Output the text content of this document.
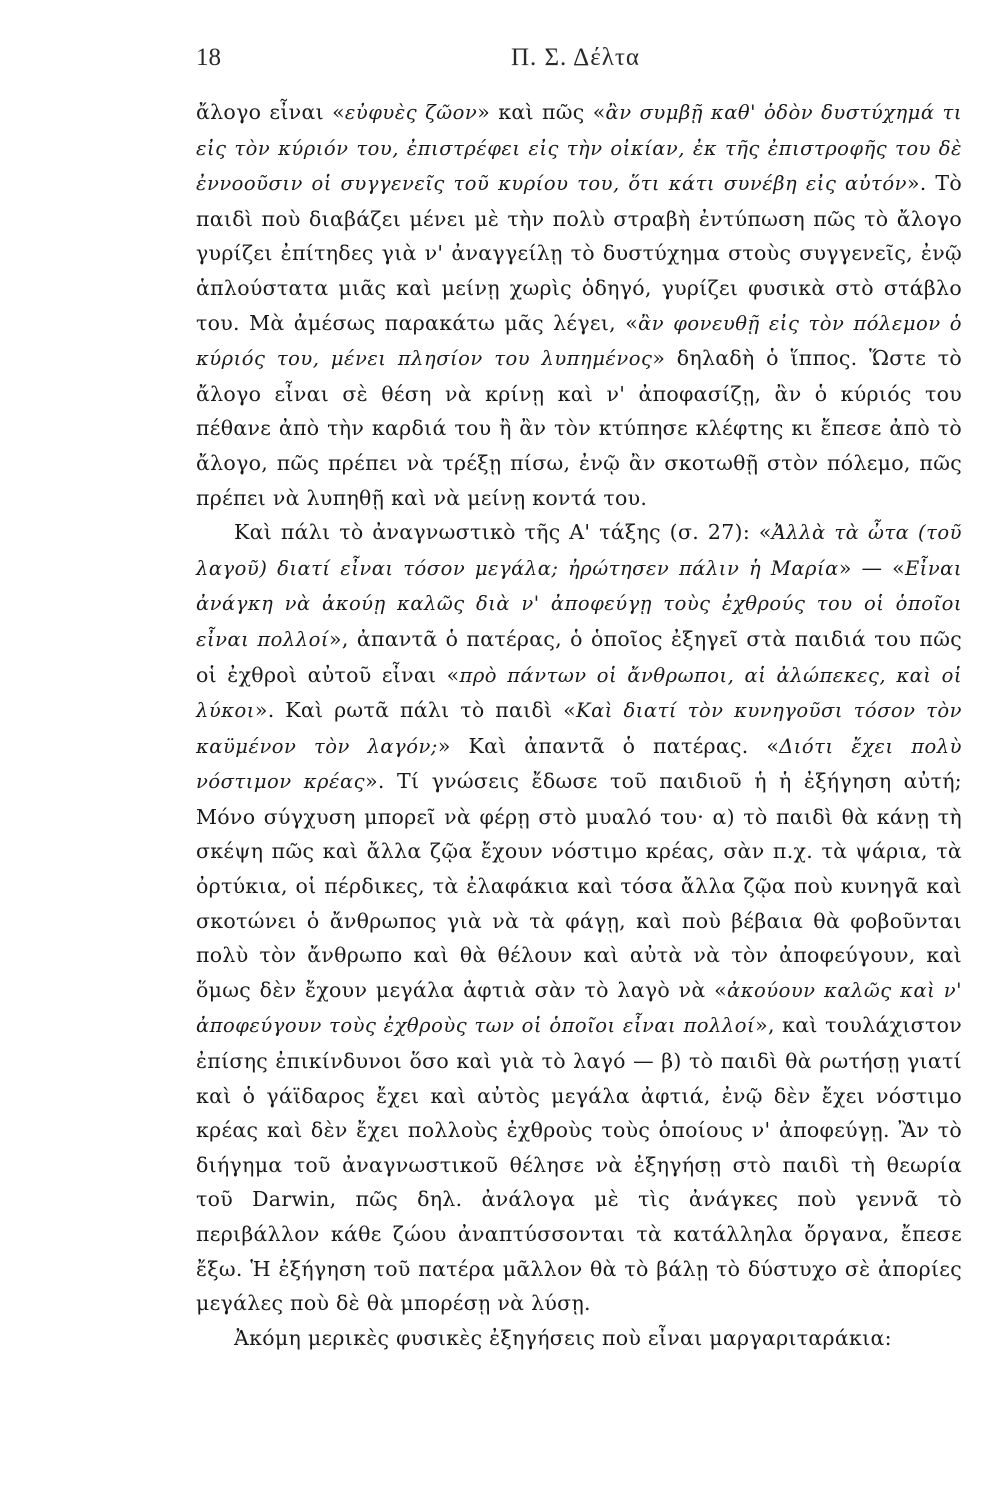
18	Π. Σ. Δέλτα

ἄλογο εἶναι «εὐφυὲς ζῶον» καὶ πῶς «ἂν συμβῇ καθ' ὁδὸν δυστύχημά τι εἰς τὸν κύριόν του, ἐπιστρέφει εἰς τὴν οἰκίαν, ἐκ τῆς ἐπιστροφῆς του δὲ ἐννοοῦσιν οἱ συγγενεῖς τοῦ κυρίου του, ὅτι κάτι συνέβη εἰς αὐτόν». Τὸ παιδὶ ποὺ διαβάζει μένει μὲ τὴν πολὺ στραβὴ ἐντύπωση πῶς τὸ ἄλογο γυρίζει ἐπίτηδες γιὰ ν' ἀναγγείλῃ τὸ δυστύχημα στοὺς συγγενεῖς, ἐνῷ ἁπλούστατα μιᾶς καὶ μείνῃ χωρὶς ὁδηγό, γυρίζει φυσικὰ στὸ στάβλο του. Μὰ ἀμέσως παρακάτω μᾶς λέγει, «ἂν φονευθῇ εἰς τὸν πόλεμον ὁ κύριός του, μένει πλησίον του λυπημένος» δηλαδὴ ὁ ἵππος. Ὥστε τὸ ἄλογο εἶναι σὲ θέση νὰ κρίνῃ καὶ ν' ἀποφασίζῃ, ἂν ὁ κύριός του πέθανε ἀπὸ τὴν καρδιά του ἢ ἂν τὸν κτύπησε κλέφτης κι ἔπεσε ἀπὸ τὸ ἄλογο, πῶς πρέπει νὰ τρέξῃ πίσω, ἐνῷ ἂν σκοτωθῇ στὸν πόλεμο, πῶς πρέπει νὰ λυπηθῇ καὶ νὰ μείνῃ κοντά του.

Καὶ πάλι τὸ ἀναγνωστικὸ τῆς Α' τάξης (σ. 27): «Ἀλλὰ τὰ ὦτα (τοῦ λαγοῦ) διατί εἶναι τόσον μεγάλα; ἠρώτησεν πάλιν ἡ Μαρία» — «Εἶναι ἀνάγκη νὰ ἀκούῃ καλῶς διὰ ν' ἀποφεύγῃ τοὺς ἐχθρούς του οἱ ὁποῖοι εἶναι πολλοί», ἀπαντᾶ ὁ πατέρας, ὁ ὁποῖος ἐξηγεῖ στὰ παιδιά του πῶς οἱ ἐχθροὶ αὐτοῦ εἶναι «πρὸ πάντων οἱ ἄνθρωποι, αἱ ἀλώπεκες, καὶ οἱ λύκοι». Καὶ ρωτᾶ πάλι τὸ παιδὶ «Καὶ διατί τὸν κυνηγοῦσι τόσον τὸν καϋμένον τὸν λαγόν;» Καὶ ἀπαντᾶ ὁ πατέρας. «Διότι ἔχει πολὺ νόστιμον κρέας». Τί γνώσεις ἔδωσε τοῦ παιδιοῦ ἡ ἡ ἐξήγηση αὐτή; Μόνο σύγχυση μπορεῖ νὰ φέρῃ στὸ μυαλό του· α) τὸ παιδὶ θὰ κάνῃ τὴ σκέψη πῶς καὶ ἄλλα ζῷα ἔχουν νόστιμο κρέας, σὰν π.χ. τὰ ψάρια, τὰ ὀρτύκια, οἱ πέρδικες, τὰ ἐλαφάκια καὶ τόσα ἄλλα ζῷα ποὺ κυνηγᾶ καὶ σκοτώνει ὁ ἄνθρωπος γιὰ νὰ τὰ φάγῃ, καὶ ποὺ βέβαια θὰ φοβοῦνται πολὺ τὸν ἄνθρωπο καὶ θὰ θέλουν καὶ αὐτὰ νὰ τὸν ἀποφεύγουν, καὶ ὅμως δὲν ἔχουν μεγάλα ἀφτιὰ σὰν τὸ λαγὸ νὰ «ἀκούουν καλῶς καὶ ν' ἀποφεύγουν τοὺς ἐχθροὺς των οἱ ὁποῖοι εἶναι πολλοί», καὶ τουλάχιστον ἐπίσης ἐπικίνδυνοι ὅσο καὶ γιὰ τὸ λαγό — β) τὸ παιδὶ θὰ ρωτήσῃ γιατί καὶ ὁ γάϊδαρος ἔχει καὶ αὐτὸς μεγάλα ἀφτιά, ἐνῷ δὲν ἔχει νόστιμο κρέας καὶ δὲν ἔχει πολλοὺς ἐχθροὺς τοὺς ὁποίους ν' ἀποφεύγῃ. Ἂν τὸ διήγημα τοῦ ἀναγνωστικοῦ θέλησε νὰ ἐξηγήσῃ στὸ παιδὶ τὴ θεωρία τοῦ Darwin, πῶς δηλ. ἀνάλογα μὲ τὶς ἀνάγκες ποὺ γεννᾶ τὸ περιβάλλον κάθε ζώου ἀναπτύσσονται τὰ κατάλληλα ὄργανα, ἔπεσε ἔξω. Ἡ ἐξήγηση τοῦ πατέρα μᾶλλον θὰ τὸ βάλῃ τὸ δύστυχο σὲ ἀπορίες μεγάλες ποὺ δὲ θὰ μπορέσῃ νὰ λύσῃ.

Ἀκόμη μερικὲς φυσικὲς ἐξηγήσεις ποὺ εἶναι μαργαριταράκια:
